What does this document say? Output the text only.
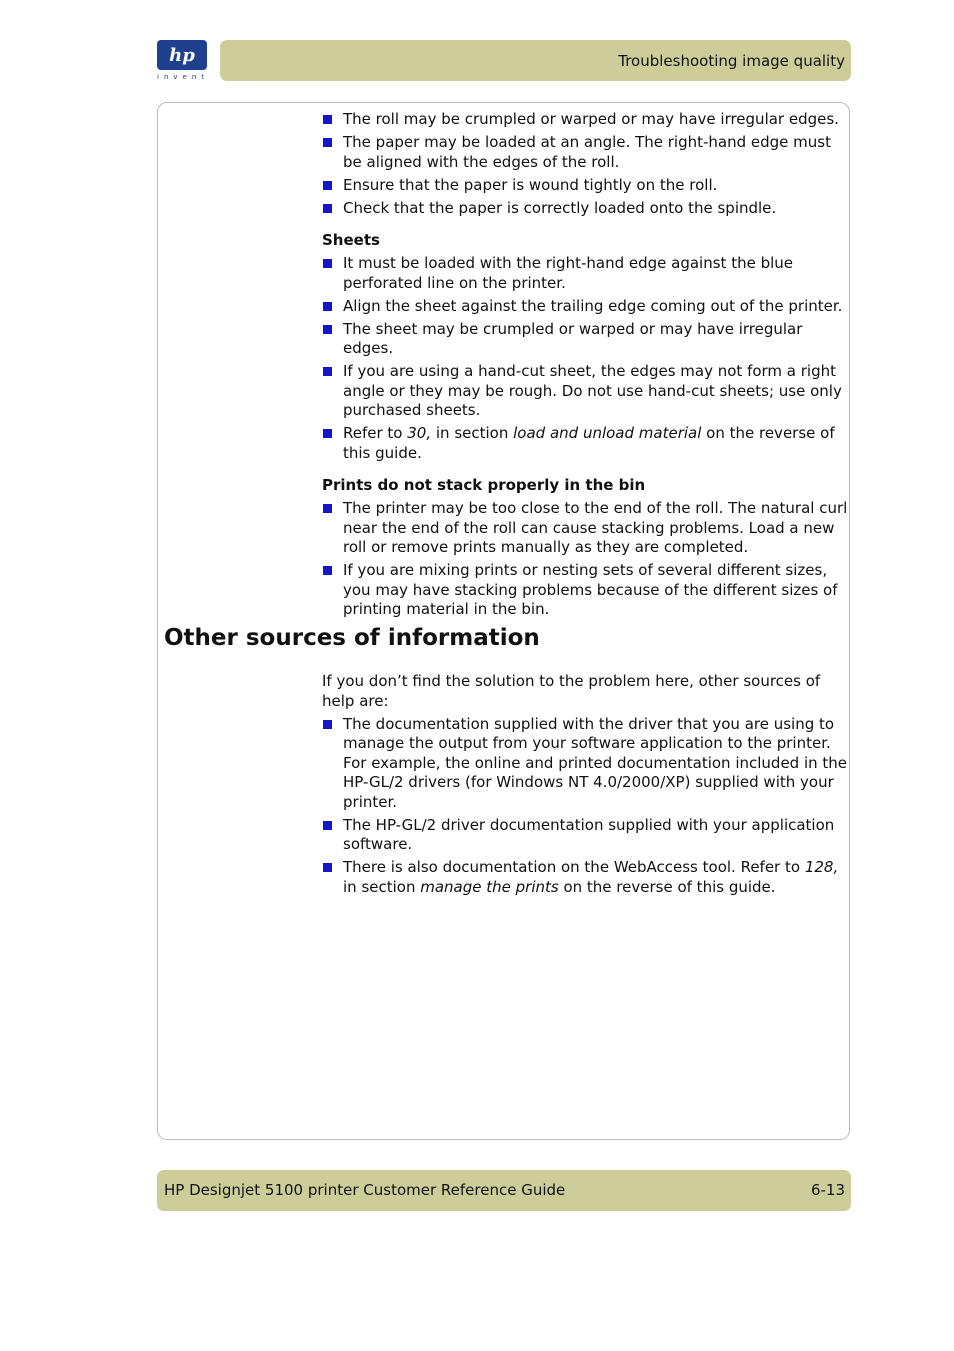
hp
invent
Troubleshooting image quality
The roll may be crumpled or warped or may have irregular edges.
The paper may be loaded at an angle. The right-hand edge must be aligned with the edges of the roll.
Ensure that the paper is wound tightly on the roll.
Check that the paper is correctly loaded onto the spindle.
Sheets
It must be loaded with the right-hand edge against the blue perforated line on the printer.
Align the sheet against the trailing edge coming out of the printer.
The sheet may be crumpled or warped or may have irregular edges.
If you are using a hand-cut sheet, the edges may not form a right angle or they may be rough. Do not use hand-cut sheets; use only purchased sheets.
Refer to 30, in section load and unload material on the reverse of this guide.
Prints do not stack properly in the bin
The printer may be too close to the end of the roll. The natural curl near the end of the roll can cause stacking problems. Load a new roll or remove prints manually as they are completed.
If you are mixing prints or nesting sets of several different sizes, you may have stacking problems because of the different sizes of printing material in the bin.
Other sources of information
If you don’t find the solution to the problem here, other sources of help are:
The documentation supplied with the driver that you are using to manage the output from your software application to the printer.
For example, the online and printed documentation included in the HP-GL/2 drivers (for Windows NT 4.0/2000/XP) supplied with your printer.
The HP-GL/2 driver documentation supplied with your application software.
There is also documentation on the WebAccess tool. Refer to 128, in section manage the prints on the reverse of this guide.
HP Designjet 5100 printer Customer Reference Guide	6-13
